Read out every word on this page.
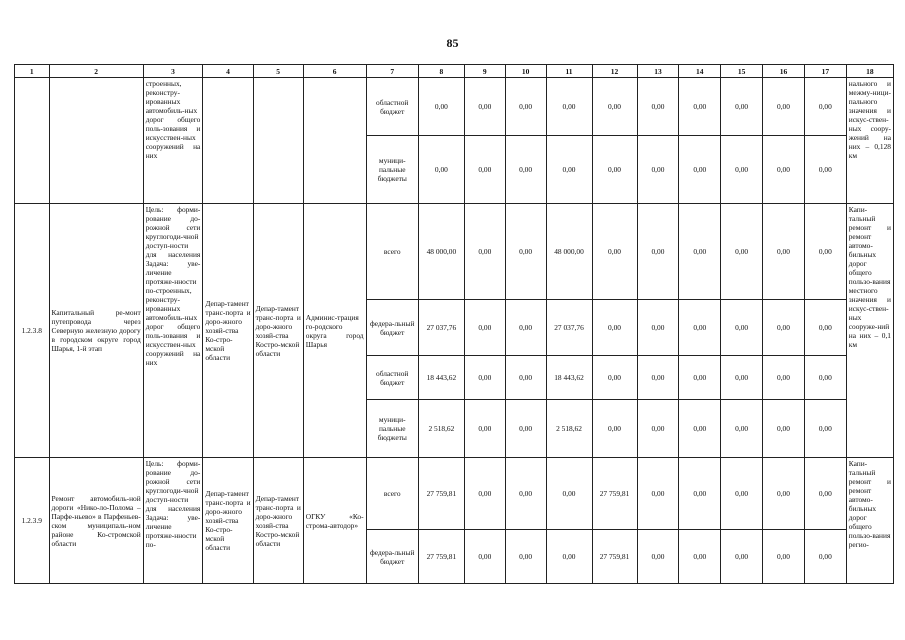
85
1	2	3	4	5	6	7	8	9	10	11	12	13	14	15	16	17	18
		строенных, реконстру-ированных автомобиль-ных дорог общего поль-зования и искусствен-ных сооружений на них				областной бюджет	0,00	0,00	0,00	0,00	0,00	0,00	0,00	0,00	0,00	0,00	нального и межму-ници-пального значения и искус-ствен-ных соору-жений на них – 0,128 км
						муници-пальные бюджеты	0,00	0,00	0,00	0,00	0,00	0,00	0,00	0,00	0,00	0,00	
1.2.3.8	Капитальный ре-монт путепровода через Северную железную дорогу в городском округе город Шарья, 1-й этап	Цель: форми-рование до-рожной сети круглогоди-чной доступ-ности для населения Задача: уве-личение протяже-нности по-строенных, реконстру-ированных автомобиль-ных дорог общего поль-зования и искусствен-ных сооружений на них	Депар-тамент транс-порта и доро-жного хозяй-ства Ко-стро-мской области	Депар-тамент транс-порта и доро-жного хозяй-ства Костро-мской области	Админис-трация го-родского округа город Шарья	всего	48 000,00	0,00	0,00	48 000,00	0,00	0,00	0,00	0,00	0,00	0,00	Капи-тальный ремонт и ремонт автомо-бильных дорог общего пользо-вания местного значения и искус-ствен-ных сооруже-ний на них – 0,1 км
						федера-льный бюджет	27 037,76	0,00	0,00	27 037,76	0,00	0,00	0,00	0,00	0,00	0,00	
						областной бюджет	18 443,62	0,00	0,00	18 443,62	0,00	0,00	0,00	0,00	0,00	0,00	
						муници-пальные бюджеты	2 518,62	0,00	0,00	2 518,62	0,00	0,00	0,00	0,00	0,00	0,00	
1.2.3.9	Ремонт автомобиль-ной дороги «Нико-ло-Полома – Парфе-ньево» в Парфеньев-ском муниципаль-ном районе Ко-стромской области	Цель: форми-рование до-рожной сети круглогоди-чной доступ-ности для населения Задача: уве-личение протяже-нности по-	Депар-тамент транс-порта и доро-жного хозяй-ства Ко-стро-мской области	Депар-тамент транс-порта и доро-жного хозяй-ства Костро-мской области	ОГКУ «Ко-строма-автодор»	всего	27 759,81	0,00	0,00	0,00	27 759,81	0,00	0,00	0,00	0,00	0,00	Капи-тальный ремонт и ремонт автомо-бильных дорог общего пользо-вания регио-
						федера-льный бюджет	27 759,81	0,00	0,00	0,00	27 759,81	0,00	0,00	0,00	0,00	0,00	
